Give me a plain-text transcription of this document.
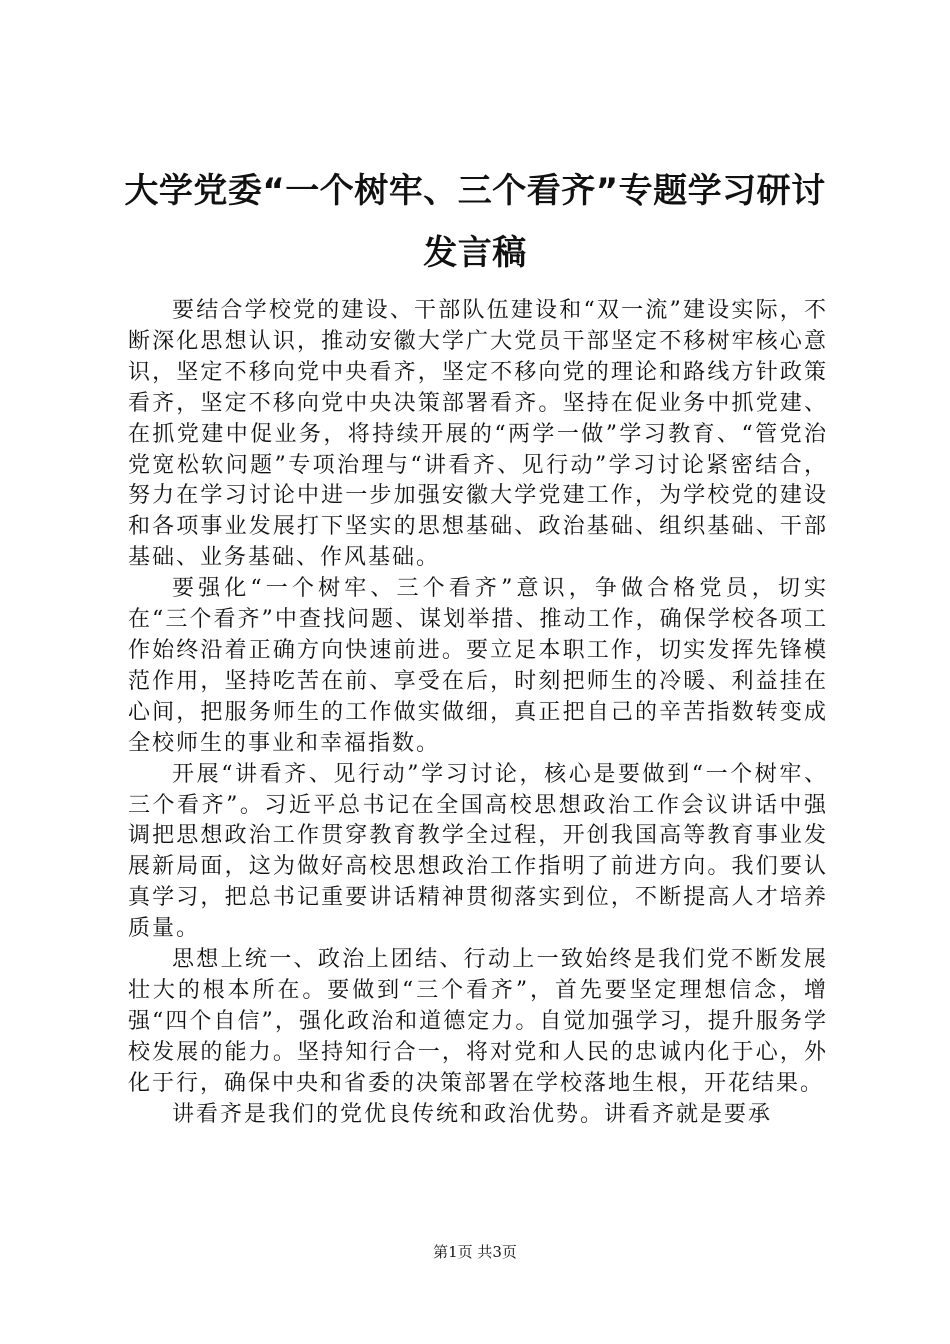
大学党委“一个树牢、三个看齐”专题学习研讨发言稿

要结合学校党的建设、干部队伍建设和“双一流”建设实际，不断深化思想认识，推动安徽大学广大党员干部坚定不移树牢核心意识，坚定不移向党中央看齐，坚定不移向党的理论和路线方针政策看齐，坚定不移向党中央决策部署看齐。坚持在促业务中抓党建、在抓党建中促业务，将持续开展的“两学一做”学习教育、“管党治党宽松软问题”专项治理与“讲看齐、见行动”学习讨论紧密结合，努力在学习讨论中进一步加强安徽大学党建工作，为学校党的建设和各项事业发展打下坚实的思想基础、政治基础、组织基础、干部基础、业务基础、作风基础。

要强化“一个树牢、三个看齐”意识，争做合格党员，切实在“三个看齐”中查找问题、谋划举措、推动工作，确保学校各项工作始终沿着正确方向快速前进。要立足本职工作，切实发挥先锋模范作用，坚持吃苦在前、享受在后，时刻把师生的冷暖、利益挂在心间，把服务师生的工作做实做细，真正把自己的辛苦指数转变成全校师生的事业和幸福指数。

开展“讲看齐、见行动”学习讨论，核心是要做到“一个树牢、三个看齐”。习近平总书记在全国高校思想政治工作会议讲话中强调把思想政治工作贯穿教育教学全过程，开创我国高等教育事业发展新局面，这为做好高校思想政治工作指明了前进方向。我们要认真学习，把总书记重要讲话精神贯彻落实到位，不断提高人才培养质量。

思想上统一、政治上团结、行动上一致始终是我们党不断发展壮大的根本所在。要做到“三个看齐”，首先要坚定理想信念，增强“四个自信”，强化政治和道德定力。自觉加强学习，提升服务学校发展的能力。坚持知行合一，将对党和人民的忠诚内化于心，外化于行，确保中央和省委的决策部署在学校落地生根，开花结果。

讲看齐是我们的党优良传统和政治优势。讲看齐就是要承

第1页 共3页
